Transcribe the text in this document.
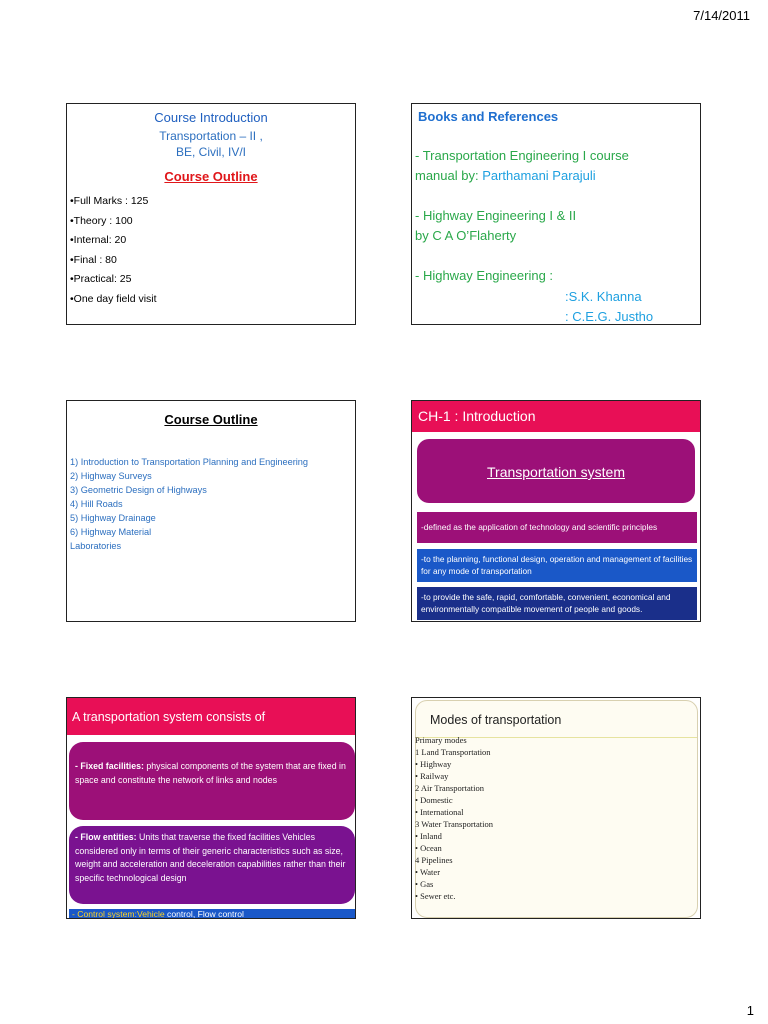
7/14/2011
Course Introduction
Transportation – II ,
BE, Civil, IV/I
Course Outline
•Full Marks : 125
•Theory : 100
•Internal: 20
•Final : 80
•Practical: 25
•One day field visit
Books and References
- Transportation Engineering I course
manual by: Parthamani Parajuli
- Highway Engineering I & II
by C A O’Flaherty
- Highway Engineering :
:S.K. Khanna
: C.E.G. Justho
Course Outline
1) Introduction to Transportation Planning and Engineering
2) Highway Surveys
3) Geometric Design of Highways
4) Hill Roads
5) Highway Drainage
6) Highway Material
Laboratories
CH-1 : Introduction
Transportation system
-defined as the application of technology and scientific principles
-to the planning, functional design, operation and management of facilities for any mode of transportation
-to provide the safe, rapid, comfortable, convenient, economical and environmentally compatible movement of people and goods.
A transportation system consists of
- Fixed facilities: physical components of the system that are fixed in space and constitute the network of links and nodes
- Flow entities: Units that traverse the fixed facilities Vehicles considered only in terms of their generic characteristics such as size, weight and acceleration and deceleration capabilities rather than their specific technological design
- Control system:Vehicle control, Flow control
Modes of transportation
Primary modes
1 Land Transportation
• Highway
• Railway
2 Air Transportation
• Domestic
• International
3 Water Transportation
• Inland
• Ocean
4 Pipelines
• Water
• Gas
• Sewer etc.
1
